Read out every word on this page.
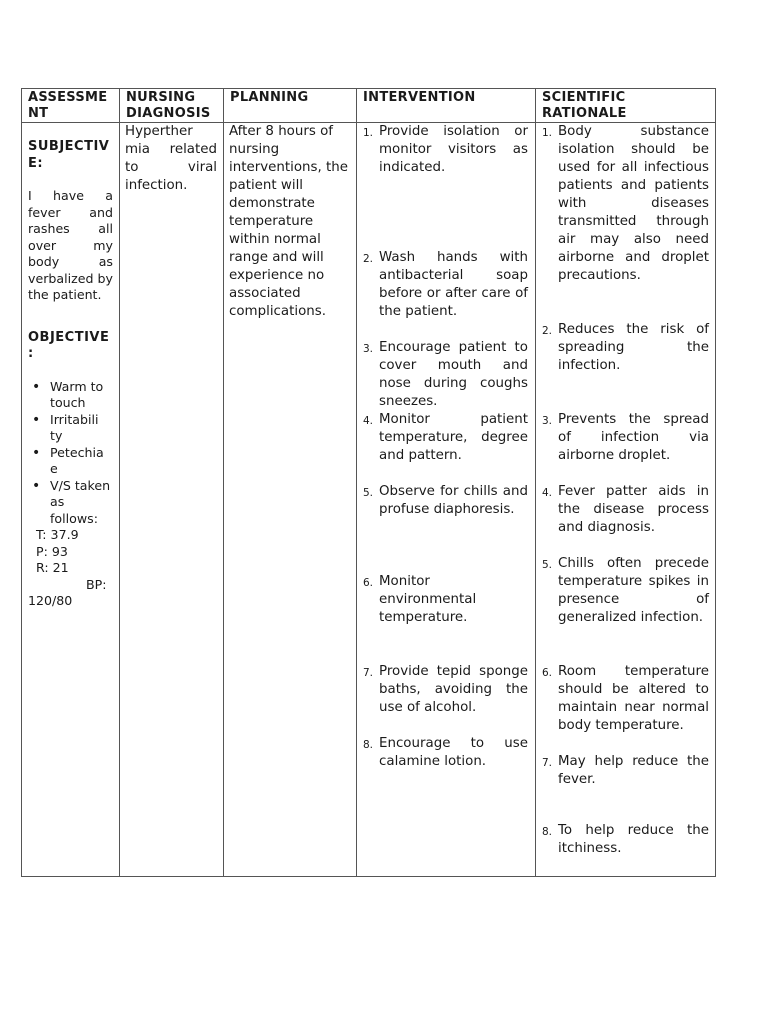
ASSESSME NT
NURSING DIAGNOSIS
PLANNING	INTERVENTION	SCIENTIFIC RATIONALE
SUBJECTIV E:
I have a fever and rashes all over my body as verbalized by the patient.
OBJECTIVE :
• Warm to touch
• Irritabili ty
• Petechia e
• V/S taken as follows:
T: 37.9
P: 93
R: 21
BP: 120/80
Hyperther mia related to viral infection.
After 8 hours of nursing interventions, the patient will demonstrate temperature within normal range and will experience no associated complications.
1. Provide isolation or monitor visitors as indicated.
2. Wash hands with antibacterial soap before or after care of the patient.
3. Encourage patient to cover mouth and nose during coughs sneezes.
4. Monitor patient temperature, degree and pattern.
5. Observe for chills and profuse diaphoresis.
6. Monitor environmental temperature.
7. Provide tepid sponge baths, avoiding the use of alcohol.
8. Encourage to use calamine lotion.
1. Body substance isolation should be used for all infectious patients and patients with diseases transmitted through air may also need airborne and droplet precautions.
2. Reduces the risk of spreading the infection.
3. Prevents the spread of infection via airborne droplet.
4. Fever patter aids in the disease process and diagnosis.
5. Chills often precede temperature spikes in presence of generalized infection.
6. Room temperature should be altered to maintain near normal body temperature.
7. May help reduce the fever.
8. To help reduce the itchiness.
